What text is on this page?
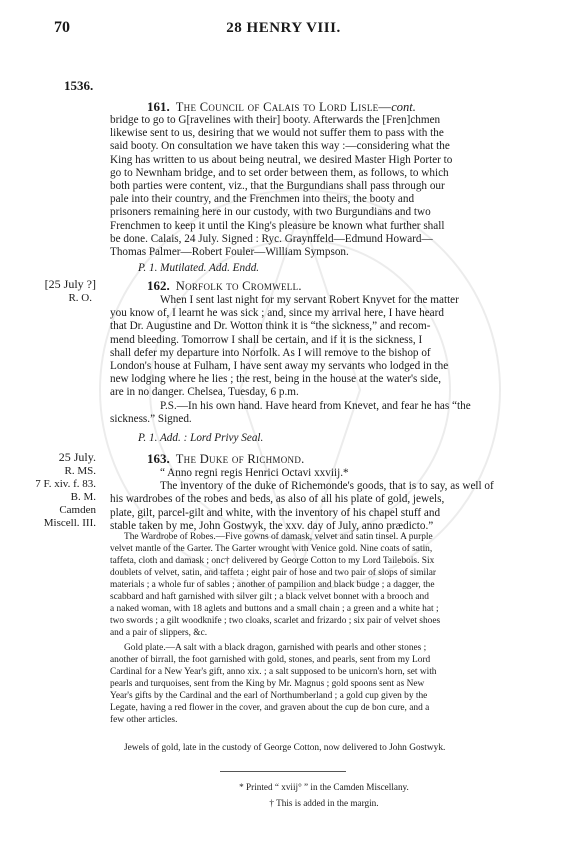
70	28 HENRY VIII.
1536.
161. The Council of Calais to Lord Lisle—cont.

bridge to go to G[ravelines with their] booty. Afterwards the [Fren]chmen

likewise sent to us, desiring that we would not suffer them to pass with the

said booty. On consultation we have taken this way :—considering what the

King has written to us about being neutral, we desired Master High Porter to

go to Newnham bridge, and to set order between them, as follows, to which

both parties were content, viz., that the Burgundians shall pass through our

pale into their country, and the Frenchmen into theirs, the booty and

prisoners remaining here in our custody, with two Burgundians and two

Frenchmen to keep it until the King's pleasure be known what further shall

be done. Calais, 24 July. Signed : Ryc. Graynffeld—Edmund Howard—

Thomas Palmer—Robert Fouler—William Sympson.

P. 1. Mutilated. Add. Endd.

[25 July ?]
R. O.
162. Norfolk to Cromwell.

When I sent last night for my servant Robert Knyvet for the matter

you know of, I learnt he was sick ; and, since my arrival here, I have heard

that Dr. Augustine and Dr. Wotton think it is “the sickness,” and recom-

mend bleeding. Tomorrow I shall be certain, and if it is the sickness, I

shall defer my departure into Norfolk. As I will remove to the bishop of

London's house at Fulham, I have sent away my servants who lodged in the

new lodging where he lies ; the rest, being in the house at the water's side,

are in no danger. Chelsea, Tuesday, 6 p.m.

P.S.—In his own hand. Have heard from Knevet, and fear he has “the

sickness.” Signed.

P. 1. Add. : Lord Privy Seal.

25 July.
R. MS.
7 F. xiv. f. 83.
B. M.
Camden
Miscell. III.
163. The Duke of Richmond.

“ Anno regni regis Henrici Octavi xxviij.*

The inventory of the duke of Richemonde's goods, that is to say, as well of

his wardrobes of the robes and beds, as also of all his plate of gold, jewels,

plate, gilt, parcel-gilt and white, with the inventory of his chapel stuff and

stable taken by me, John Gostwyk, the xxv. day of July, anno prædicto.”

The Wardrobe of Robes.—Five gowns of damask, velvet and satin tinsel. A purple

velvet mantle of the Garter. The Garter wrought with Venice gold. Nine coats of satin,

taffeta, cloth and damask ; onc† delivered by George Cotton to my Lord Tailebois. Six

doublets of velvet, satin, and taffeta ; eight pair of hose and two pair of slops of similar

materials ; a whole fur of sables ; another of pampilion and black budge ; a dagger, the

scabbard and haft garnished with silver gilt ; a black velvet bonnet with a brooch and

a naked woman, with 18 aglets and buttons and a small chain ; a green and a white hat ;

two swords ; a gilt woodknife ; two cloaks, scarlet and frizardo ; six pair of velvet shoes

and a pair of slippers, &c.

Gold plate.—A salt with a black dragon, garnished with pearls and other stones ;

another of birrall, the foot garnished with gold, stones, and pearls, sent from my Lord

Cardinal for a New Year's gift, anno xix. ; a salt supposed to be unicorn's horn, set with

pearls and turquoises, sent from the King by Mr. Magnus ; gold spoons sent as New

Year's gifts by the Cardinal and the earl of Northumberland ; a gold cup given by the

Legate, having a red flower in the cover, and graven about the cup de bon cure, and a

few other articles.

Jewels of gold, late in the custody of George Cotton, now delivered to John Gostwyk.

* Printed “ xviij° ” in the Camden Miscellany.
† This is added in the margin.
